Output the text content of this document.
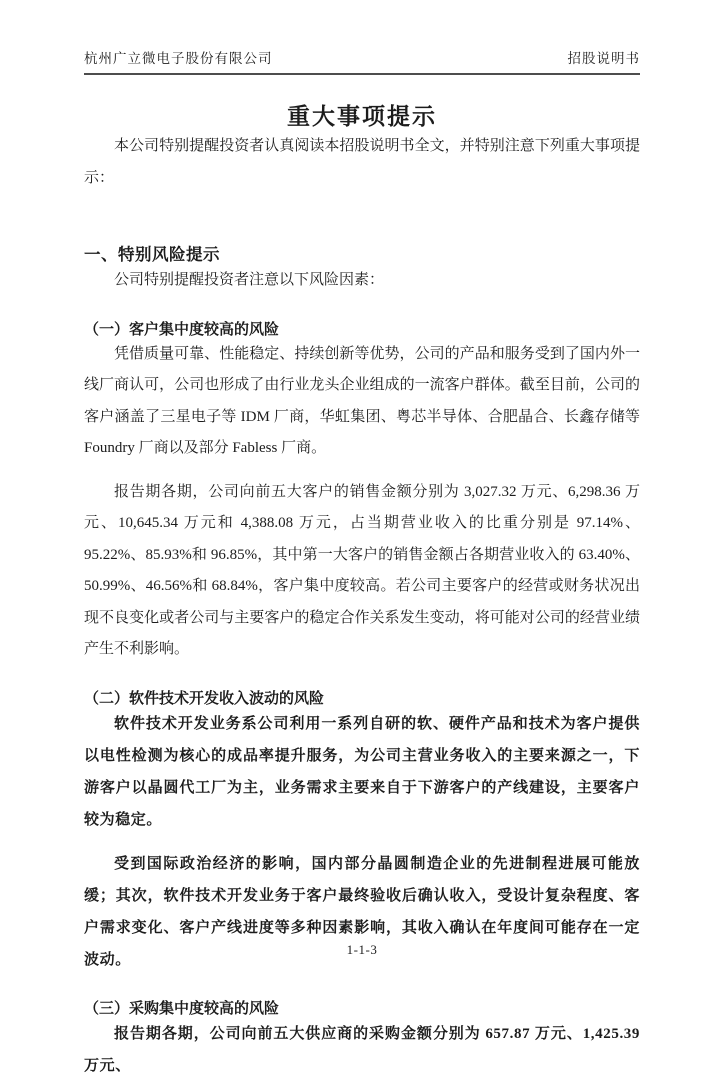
杭州广立微电子股份有限公司	招股说明书
重大事项提示

本公司特别提醒投资者认真阅读本招股说明书全文，并特别注意下列重大事项提示：

一、特别风险提示

公司特别提醒投资者注意以下风险因素：

（一）客户集中度较高的风险

凭借质量可靠、性能稳定、持续创新等优势，公司的产品和服务受到了国内外一线厂商认可，公司也形成了由行业龙头企业组成的一流客户群体。截至目前，公司的客户涵盖了三星电子等 IDM 厂商，华虹集团、粤芯半导体、合肥晶合、长鑫存储等 Foundry 厂商以及部分 Fabless 厂商。

报告期各期，公司向前五大客户的销售金额分别为 3,027.32 万元、6,298.36 万元、10,645.34 万元和 4,388.08 万元，占当期营业收入的比重分别是 97.14%、95.22%、85.93%和 96.85%，其中第一大客户的销售金额占各期营业收入的 63.40%、50.99%、46.56%和 68.84%，客户集中度较高。若公司主要客户的经营或财务状况出现不良变化或者公司与主要客户的稳定合作关系发生变动，将可能对公司的经营业绩产生不利影响。

（二）软件技术开发收入波动的风险

软件技术开发业务系公司利用一系列自研的软、硬件产品和技术为客户提供以电性检测为核心的成品率提升服务，为公司主营业务收入的主要来源之一，下游客户以晶圆代工厂为主，业务需求主要来自于下游客户的产线建设，主要客户较为稳定。

受到国际政治经济的影响，国内部分晶圆制造企业的先进制程进展可能放缓；其次，软件技术开发业务于客户最终验收后确认收入，受设计复杂程度、客户需求变化、客户产线进度等多种因素影响，其收入确认在年度间可能存在一定波动。

（三）采购集中度较高的风险

报告期各期，公司向前五大供应商的采购金额分别为 657.87 万元、1,425.39 万元、

1-1-3
